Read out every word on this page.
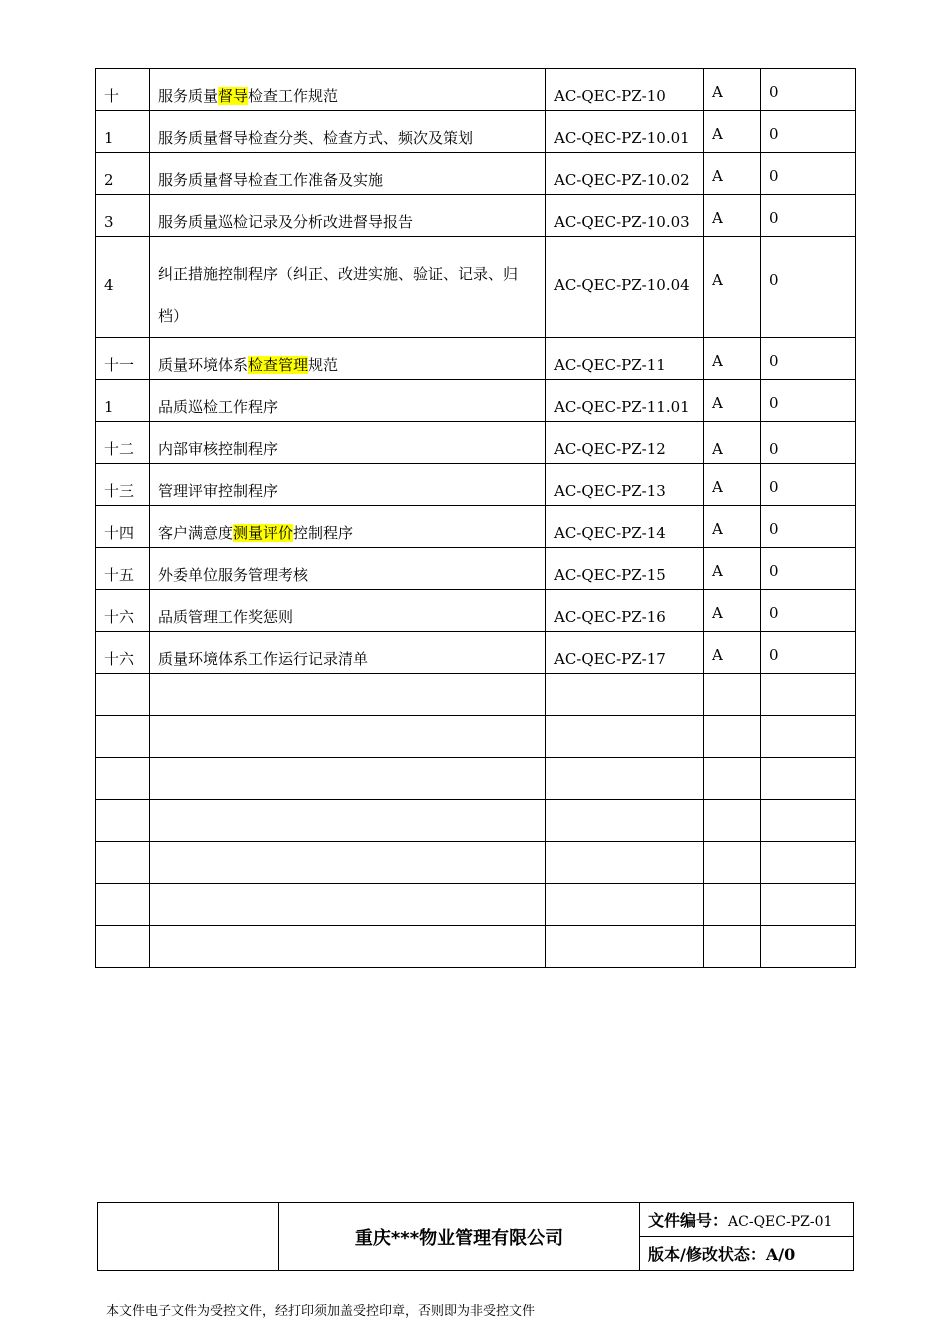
十	服务质量督导检查工作规范	AC-QEC-PZ-10	A	0

1	服务质量督导检查分类、检查方式、频次及策划	AC-QEC-PZ-10.01	A	0

2	服务质量督导检查工作准备及实施	AC-QEC-PZ-10.02	A	0

3	服务质量巡检记录及分析改进督导报告	AC-QEC-PZ-10.03	A	0

4	纠正措施控制程序（纠正、改进实施、验证、记录、归
档）	AC-QEC-PZ-10.04	A	0

十一	质量环境体系检查管理规范	AC-QEC-PZ-11	A	0

1	品质巡检工作程序	AC-QEC-PZ-11.01	A	0

十二	内部审核控制程序	AC-QEC-PZ-12	A	0

十三	管理评审控制程序	AC-QEC-PZ-13	A	0

十四	客户满意度测量评价控制程序	AC-QEC-PZ-14	A	0

十五	外委单位服务管理考核	AC-QEC-PZ-15	A	0

十六	品质管理工作奖惩则	AC-QEC-PZ-16	A	0

十六	质量环境体系工作运行记录清单	AC-QEC-PZ-17	A	0

	重庆***物业管理有限公司	文件编号：AC-QEC-PZ-01
版本/修改状态：A/0
本文件电子文件为受控文件，经打印须加盖受控印章，否则即为非受控文件
